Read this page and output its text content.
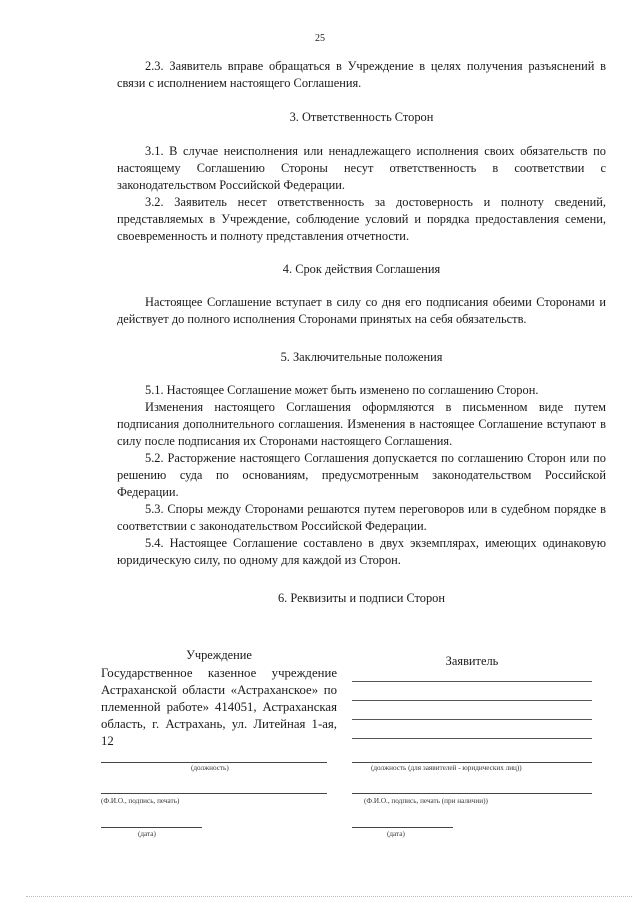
25

2.3. Заявитель вправе обращаться в Учреждение в целях получения разъяснений в связи с исполнением настоящего Соглашения.

3. Ответственность Сторон

3.1. В случае неисполнения или ненадлежащего исполнения своих обязательств по настоящему Соглашению Стороны несут ответственность в соответствии с законодательством Российской Федерации.

3.2. Заявитель несет ответственность за достоверность и полноту сведений, представляемых в Учреждение, соблюдение условий и порядка предоставления семени, своевременность и полноту представления отчетности.

4. Срок действия Соглашения

Настоящее Соглашение вступает в силу со дня его подписания обеими Сторонами и действует до полного исполнения Сторонами принятых на себя обязательств.

5. Заключительные положения

5.1. Настоящее Соглашение может быть изменено по соглашению Сторон.

Изменения настоящего Соглашения оформляются в письменном виде путем подписания дополнительного соглашения. Изменения в настоящее Соглашение вступают в силу после подписания их Сторонами настоящего Соглашения.

5.2. Расторжение настоящего Соглашения допускается по соглашению Сторон или по решению суда по основаниям, предусмотренным законодательством Российской Федерации.

5.3. Споры между Сторонами решаются путем переговоров или в судебном порядке в соответствии с законодательством Российской Федерации.

5.4. Настоящее Соглашение составлено в двух экземплярах, имеющих одинаковую юридическую силу, по одному для каждой из Сторон.

6. Реквизиты и подписи Сторон

Учреждение	Заявитель

Государственное казенное учреждение Астраханской области «Астраханское» по племенной работе» 414051, Астраханская область, г. Астрахань, ул. Литейная 1-ая, 12

(должность)	(должность (для заявителей - юридических лиц))
(Ф.И.О., подпись, печать)	(Ф.И.О., подпись, печать (при наличии))
(дата)	(дата)
